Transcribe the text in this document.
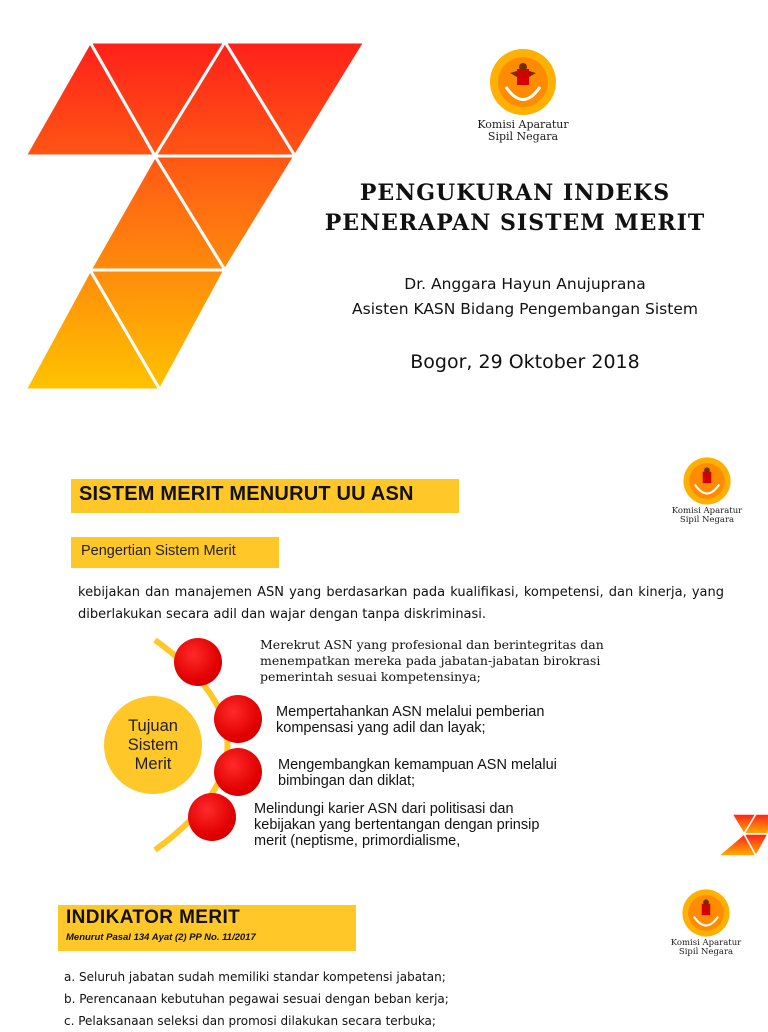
Komisi Aparatur
Sipil Negara
PENGUKURAN INDEKS
PENERAPAN SISTEM MERIT
Dr. Anggara Hayun Anujuprana
Asisten KASN Bidang Pengembangan Sistem
Bogor, 29 Oktober 2018
Komisi Aparatur
Sipil Negara
SISTEM MERIT MENURUT UU ASN
Pengertian Sistem Merit
kebijakan dan manajemen ASN yang berdasarkan pada kualifikasi, kompetensi, dan kinerja, yang diberlakukan secara adil dan wajar dengan tanpa diskriminasi.
Tujuan
Sistem
Merit
Merekrut ASN yang profesional dan berintegritas dan
menempatkan mereka pada jabatan-jabatan birokrasi
pemerintah sesuai kompetensinya;
Mempertahankan ASN melalui pemberian
kompensasi yang adil dan layak;
Mengembangkan kemampuan ASN melalui
bimbingan dan diklat;
Melindungi karier ASN dari politisasi dan
kebijakan yang bertentangan dengan prinsip
merit (neptisme, primordialisme,
Komisi Aparatur
Sipil Negara
INDIKATOR MERIT
Menurut Pasal 134 Ayat (2) PP No. 11/2017
a. Seluruh jabatan sudah memiliki standar kompetensi jabatan;
b. Perencanaan kebutuhan pegawai sesuai dengan beban kerja;
c. Pelaksanaan seleksi dan promosi dilakukan secara terbuka;
